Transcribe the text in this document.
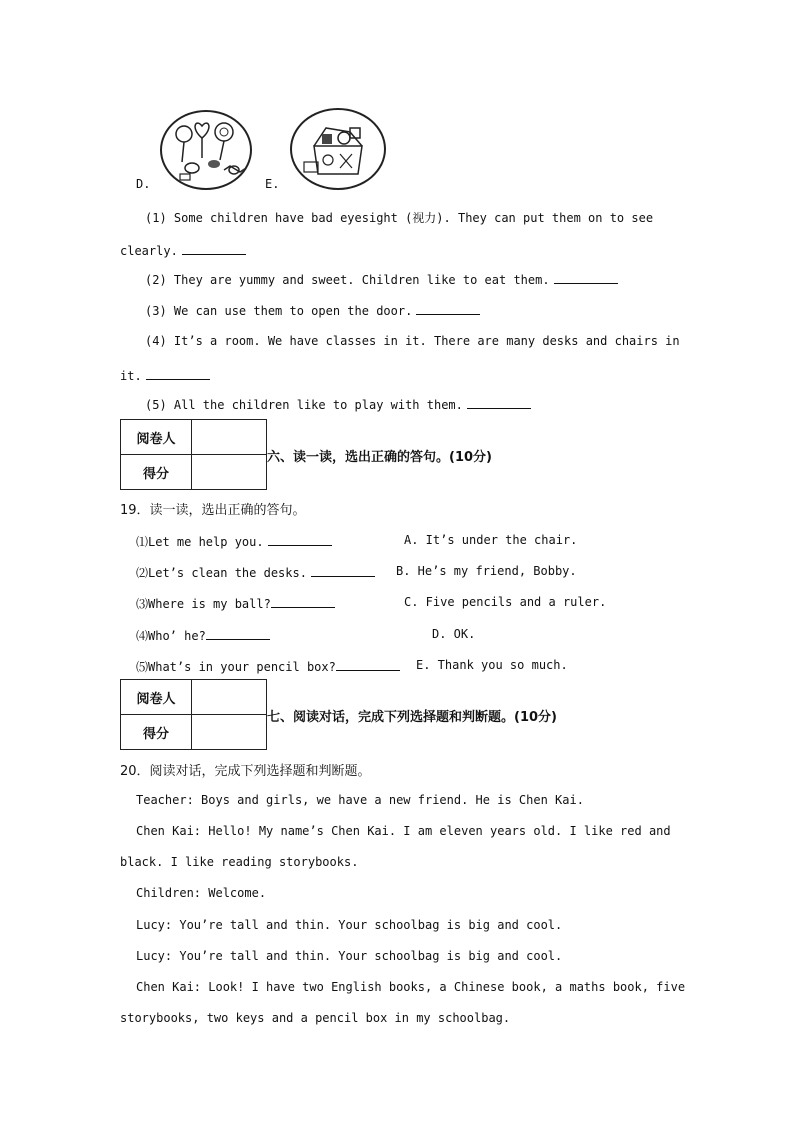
D.	E.
(1) Some children have bad eyesight (视力). They can put them on to see
clearly.
(2) They are yummy and sweet. Children like to eat them.
(3) We can use them to open the door.
(4) It’s a room. We have classes in it. There are many desks and chairs in
it.
(5) All the children like to play with them.
阅卷人	
得分	
六、读一读，选出正确的答句。(10分)
19．读一读，选出正确的答句。
⑴Let me help you.	A. It’s under the chair.
⑵Let’s clean the desks.	B. He’s my friend, Bobby.
⑶Where is my ball?	C. Five pencils and a ruler.
⑷Who’ he?	D. OK.
⑸What’s in your pencil box?	E. Thank you so much.
阅卷人	
得分	
七、阅读对话，完成下列选择题和判断题。(10分)
20．阅读对话，完成下列选择题和判断题。
Teacher: Boys and girls, we have a new friend. He is Chen Kai.
Chen Kai: Hello! My name’s Chen Kai. I am eleven years old. I like red and
black. I like reading storybooks.
Children: Welcome.
Lucy: You’re tall and thin. Your schoolbag is big and cool.
Lucy: You’re tall and thin. Your schoolbag is big and cool.
Chen Kai: Look! I have two English books, a Chinese book, a maths book, five
storybooks, two keys and a pencil box in my schoolbag.
